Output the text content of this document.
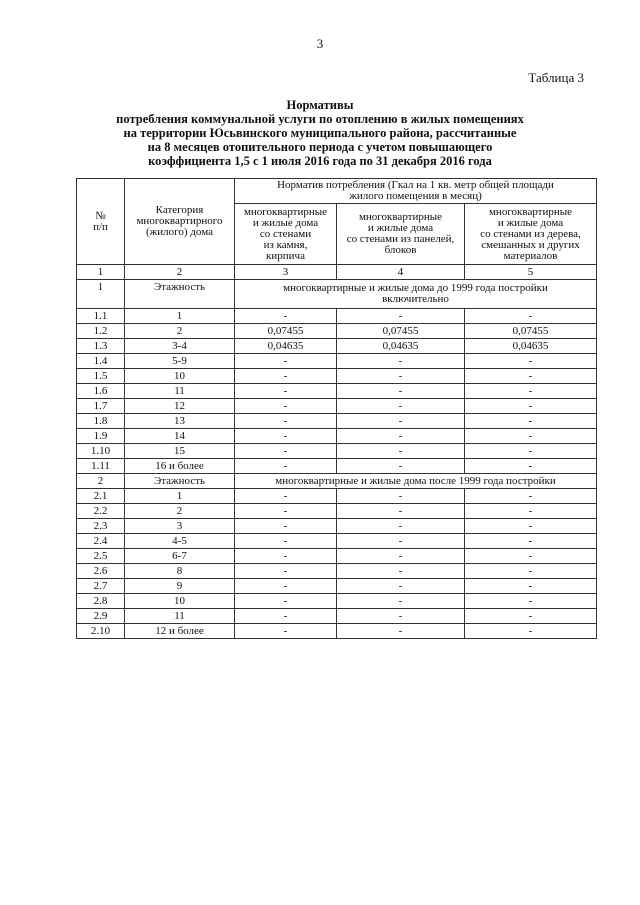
3
Таблица 3
Нормативы
потребления коммунальной услуги по отоплению в жилых помещениях
на территории Юсьвинского муниципального района, рассчитанные
на 8 месяцев отопительного периода с учетом повышающего
коэффициента 1,5 с 1 июля 2016 года по 31 декабря 2016 года
№
п/п	Категория
многоквартирного
(жилого) дома	Норматив потребления (Гкал на 1 кв. метр общей площади
жилого помещения в месяц)		
		многоквартирные
и жилые дома
со стенами
из камня,
кирпича	многоквартирные
и жилые дома
со стенами из панелей,
блоков	многоквартирные
и жилые дома
со стенами из дерева,
смешанных и других
материалов
1	2	3	4	5
1	Этажность	многоквартирные и жилые дома до 1999 года постройки
включительно		
1.1	1	-	-	-
1.2	2	0,07455	0,07455	0,07455
1.3	3-4	0,04635	0,04635	0,04635
1.4	5-9	-	-	-
1.5	10	-	-	-
1.6	11	-	-	-
1.7	12	-	-	-
1.8	13	-	-	-
1.9	14	-	-	-
1.10	15	-	-	-
1.11	16 и более	-	-	-
2	Этажность	многоквартирные и жилые дома после 1999 года постройки		
2.1	1	-	-	-
2.2	2	-	-	-
2.3	3	-	-	-
2.4	4-5	-	-	-
2.5	6-7	-	-	-
2.6	8	-	-	-
2.7	9	-	-	-
2.8	10	-	-	-
2.9	11	-	-	-
2.10	12 и более	-	-	-
